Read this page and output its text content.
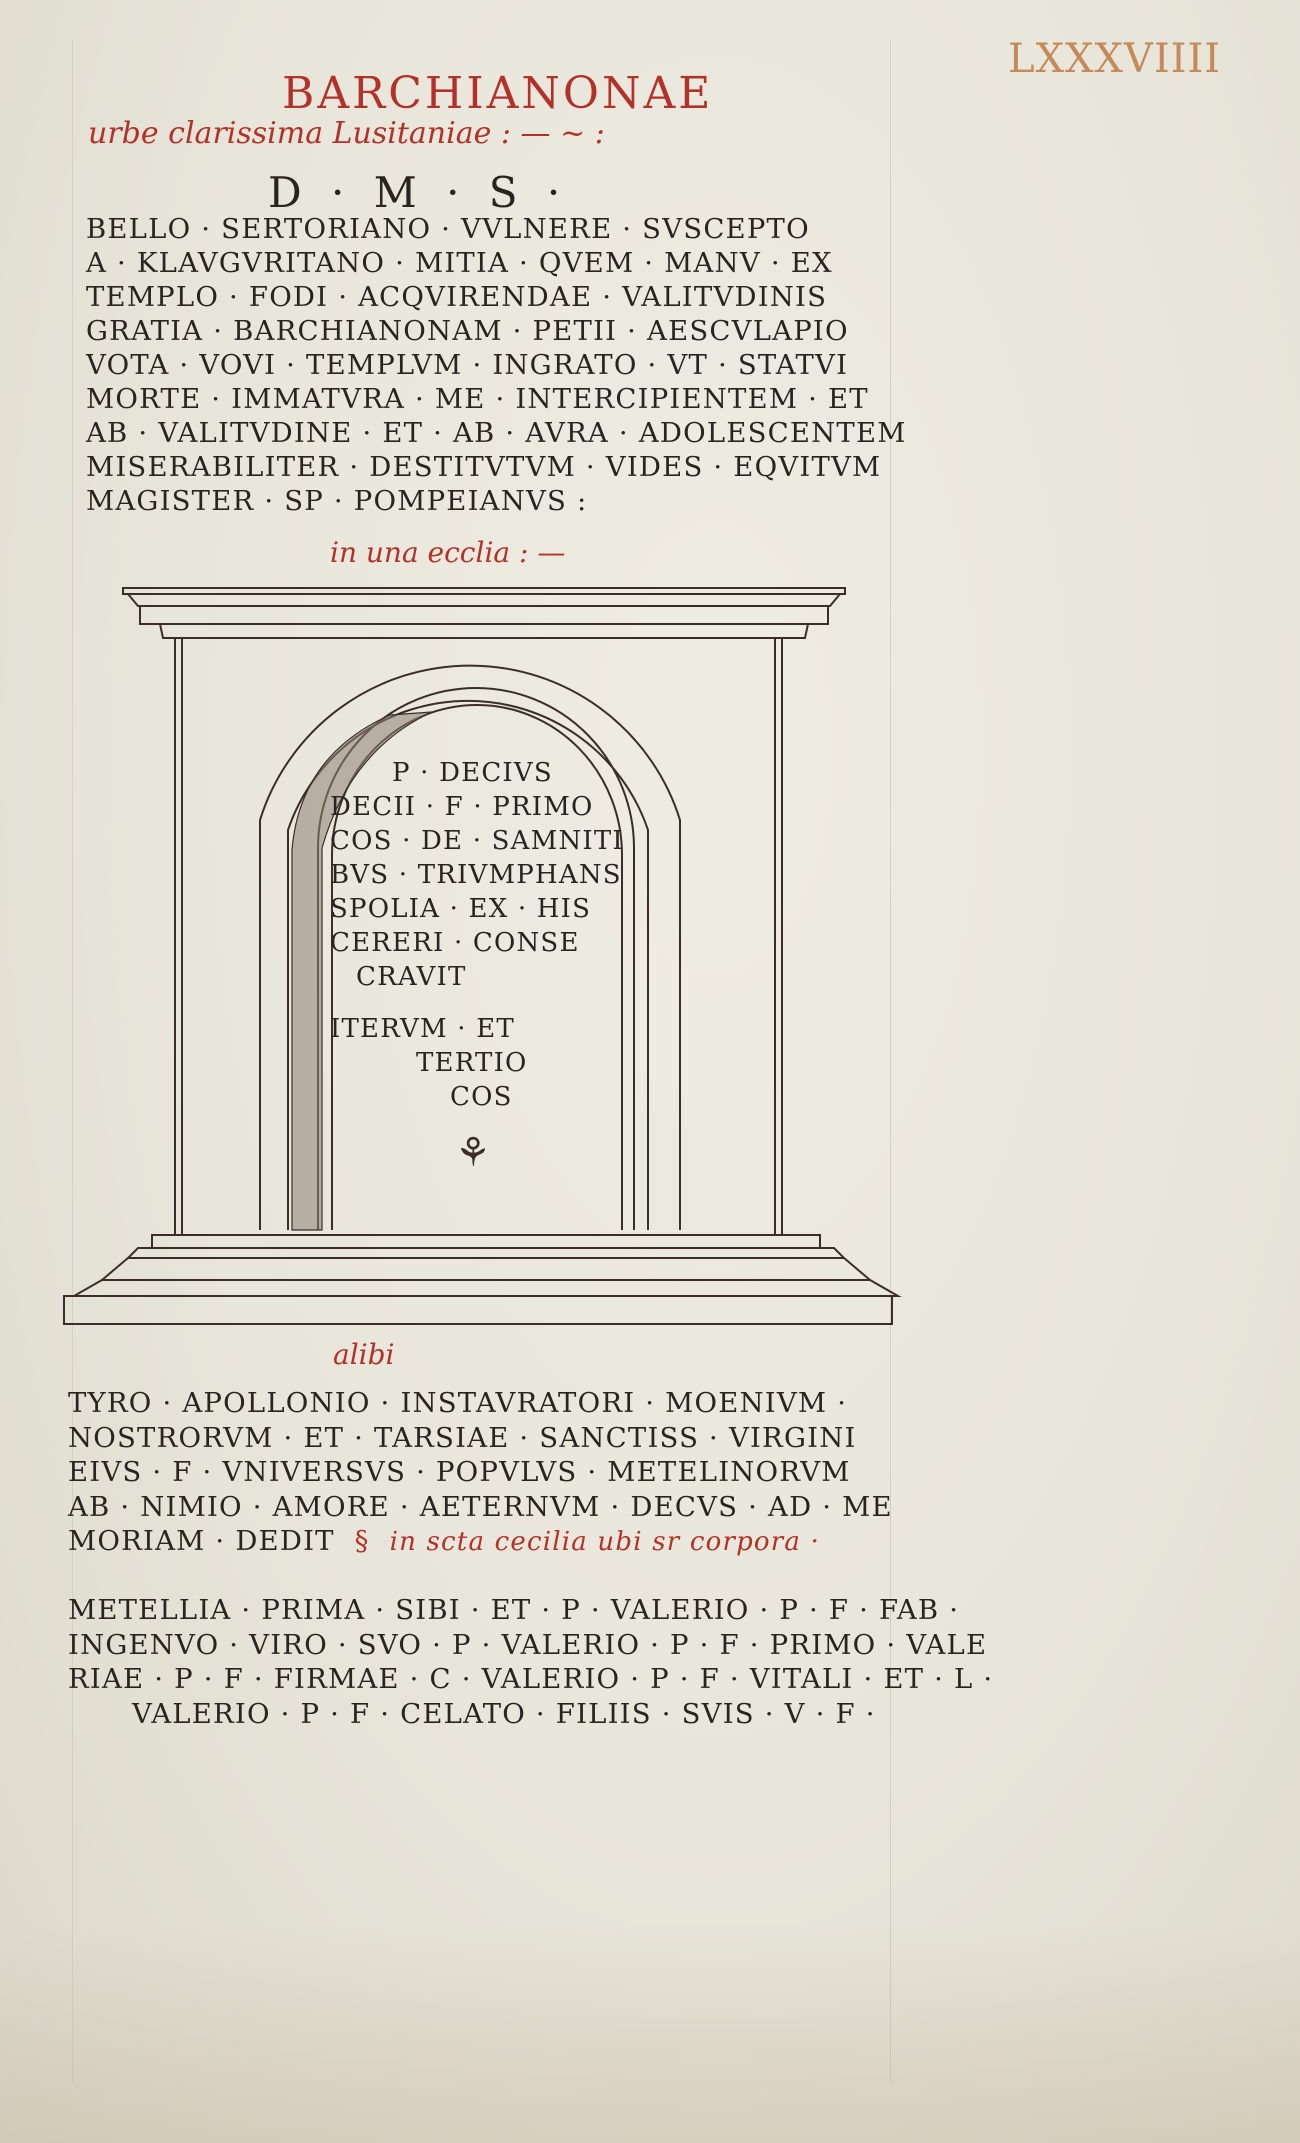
LXXXVIIII
BARCHIANONAE
urbe clarissima Lusitaniae : — ~ :
D · M · S ·
BELLO · SERTORIANO · VVLNERE · SVSCEPTO
A · KLAVGVRITANO · MITIA · QVEM · MANV · EX
TEMPLO · FODI · ACQVIRENDAE · VALITVDINIS
GRATIA · BARCHIANONAM · PETII · AESCVLAPIO
VOTA · VOVI · TEMPLVM · INGRATO · VT · STATVI
MORTE · IMMATVRA · ME · INTERCIPIENTEM · ET
AB · VALITVDINE · ET · AB · AVRA · ADOLESCENTEM
MISERABILITER · DESTITVTVM · VIDES · EQVITVM
MAGISTER · SP · POMPEIANVS :
in una ecclia : —
P · DECIVS
DECII · F · PRIMO
COS · DE · SAMNITI
BVS · TRIVMPHANS
SPOLIA · EX · HIS
CERERI · CONSE
CRAVIT
ITERVM · ET
TERTIO
COS
⚘
alibi
TYRO · APOLLONIO · INSTAVRATORI · MOENIVM ·
NOSTRORVM · ET · TARSIAE · SANCTISS · VIRGINI
EIVS · F · VNIVERSVS · POPVLVS · METELINORVM
AB · NIMIO · AMORE · AETERNVM · DECVS · AD · ME
MORIAM · DEDIT § in scta cecilia ubi sr corpora ·
METELLIA · PRIMA · SIBI · ET · P · VALERIO · P · F · FAB ·
INGENVO · VIRO · SVO · P · VALERIO · P · F · PRIMO · VALE
RIAE · P · F · FIRMAE · C · VALERIO · P · F · VITALI · ET · L ·
VALERIO · P · F · CELATO · FILIIS · SVIS · V · F ·
